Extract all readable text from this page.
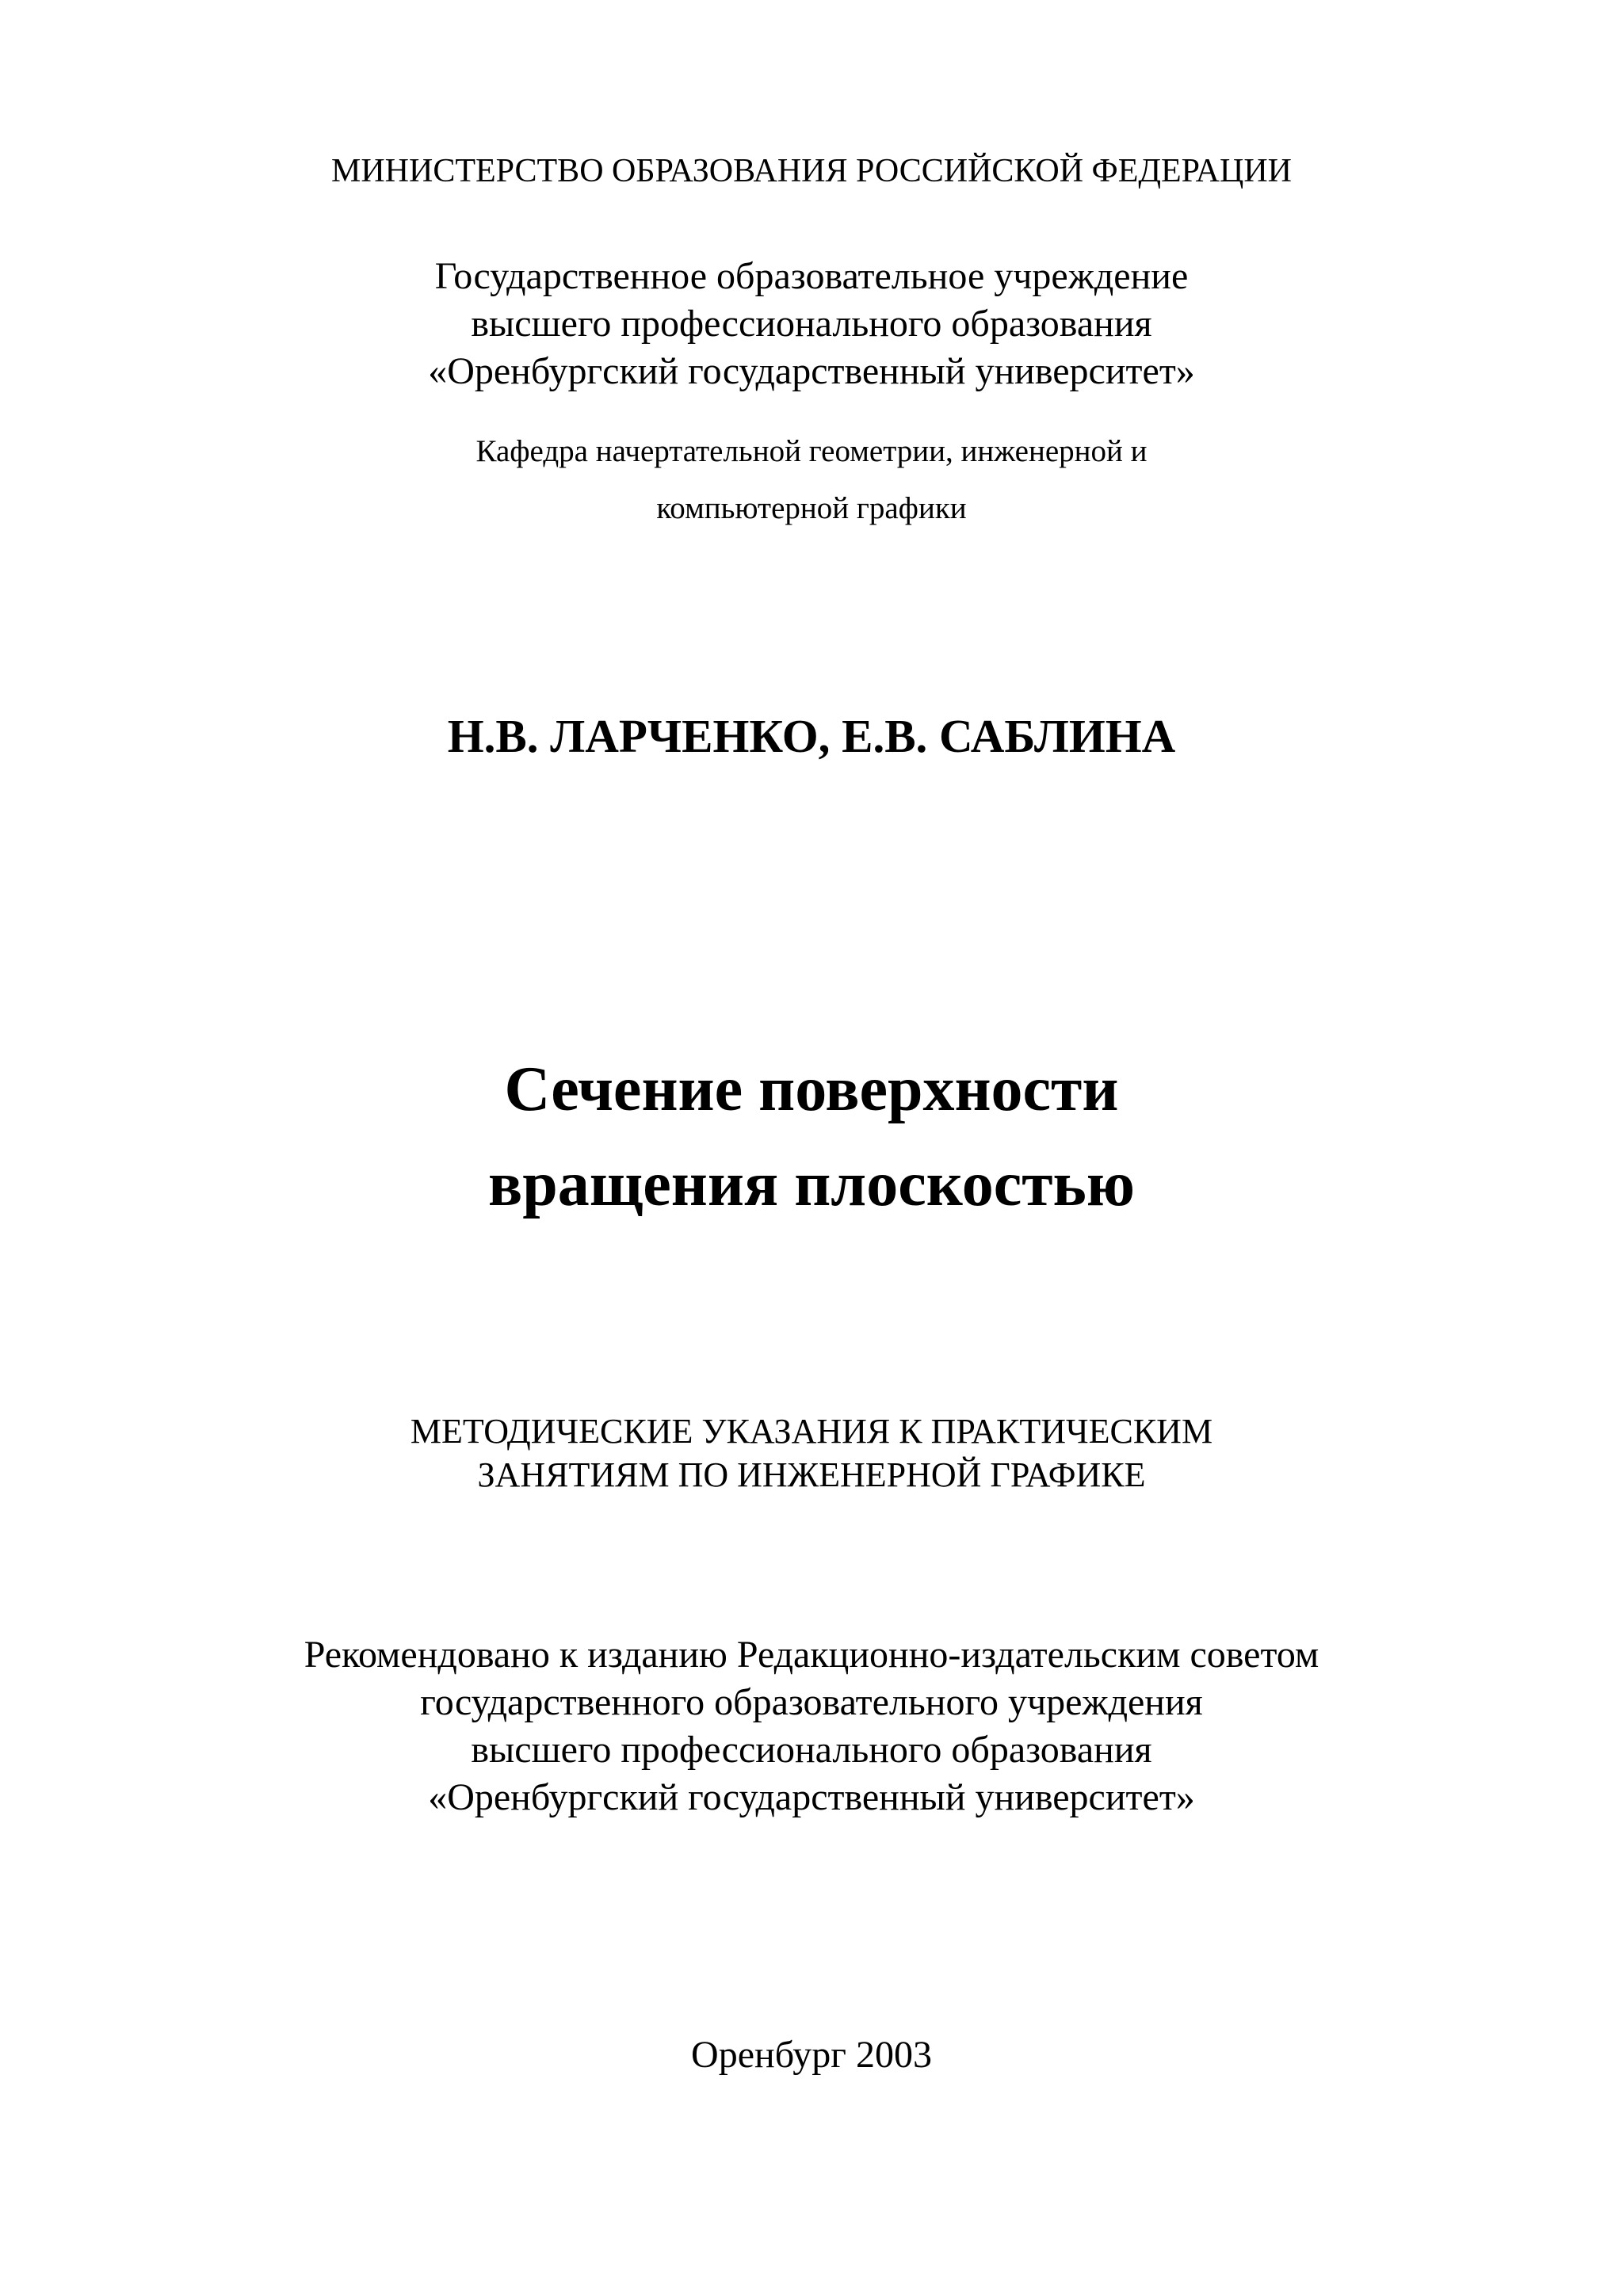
МИНИСТЕРСТВО ОБРАЗОВАНИЯ РОССИЙСКОЙ ФЕДЕРАЦИИ
Государственное образовательное учреждение
высшего профессионального образования
«Оренбургский государственный университет»
Кафедра начертательной геометрии, инженерной и
компьютерной графики
Н.В. ЛАРЧЕНКО, Е.В. САБЛИНА
Сечение поверхности
вращения плоскостью
МЕТОДИЧЕСКИЕ УКАЗАНИЯ К ПРАКТИЧЕСКИМ
ЗАНЯТИЯМ ПО ИНЖЕНЕРНОЙ ГРАФИКЕ
Рекомендовано к изданию Редакционно-издательским советом
государственного образовательного учреждения
высшего профессионального образования
«Оренбургский государственный университет»
Оренбург 2003
